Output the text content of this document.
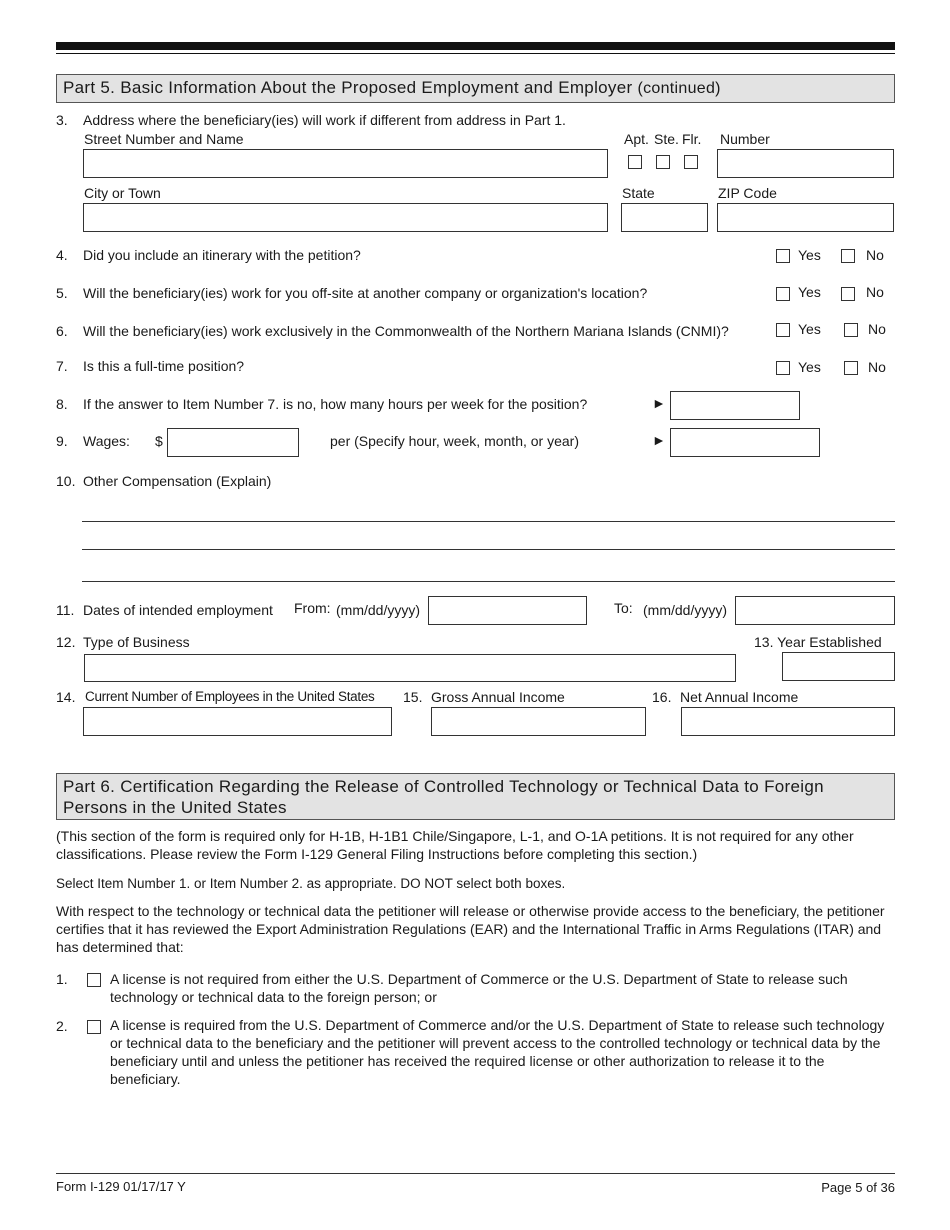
Part 5. Basic Information About the Proposed Employment and Employer (continued)
3. Address where the beneficiary(ies) will work if different from address in Part 1.
Street Number and Name	Apt. Ste. Flr. Number
City or Town	State	ZIP Code
4. Did you include an itinerary with the petition?	Yes	No
5. Will the beneficiary(ies) work for you off-site at another company or organization's location?	Yes	No
6. Will the beneficiary(ies) work exclusively in the Commonwealth of the Northern Mariana Islands (CNMI)?	Yes	No
7. Is this a full-time position?	Yes	No
8. If the answer to Item Number 7. is no, how many hours per week for the position?	►
9. Wages: $	per (Specify hour, week, month, or year)	►
10. Other Compensation (Explain)
11. Dates of intended employment From: (mm/dd/yyyy)	To: (mm/dd/yyyy)
12. Type of Business	13. Year Established
14. Current Number of Employees in the United States 15. Gross Annual Income	16. Net Annual Income
Part 6. Certification Regarding the Release of Controlled Technology or Technical Data to Foreign Persons in the United States
(This section of the form is required only for H-1B, H-1B1 Chile/Singapore, L-1, and O-1A petitions. It is not required for any other classifications. Please review the Form I-129 General Filing Instructions before completing this section.)
Select Item Number 1. or Item Number 2. as appropriate. DO NOT select both boxes.
With respect to the technology or technical data the petitioner will release or otherwise provide access to the beneficiary, the petitioner certifies that it has reviewed the Export Administration Regulations (EAR) and the International Traffic in Arms Regulations (ITAR) and has determined that:
1.	A license is not required from either the U.S. Department of Commerce or the U.S. Department of State to release such technology or technical data to the foreign person; or
2.	A license is required from the U.S. Department of Commerce and/or the U.S. Department of State to release such technology or technical data to the beneficiary and the petitioner will prevent access to the controlled technology or technical data by the beneficiary until and unless the petitioner has received the required license or other authorization to release it to the beneficiary.
Form I-129 01/17/17 Y	Page 5 of 36
